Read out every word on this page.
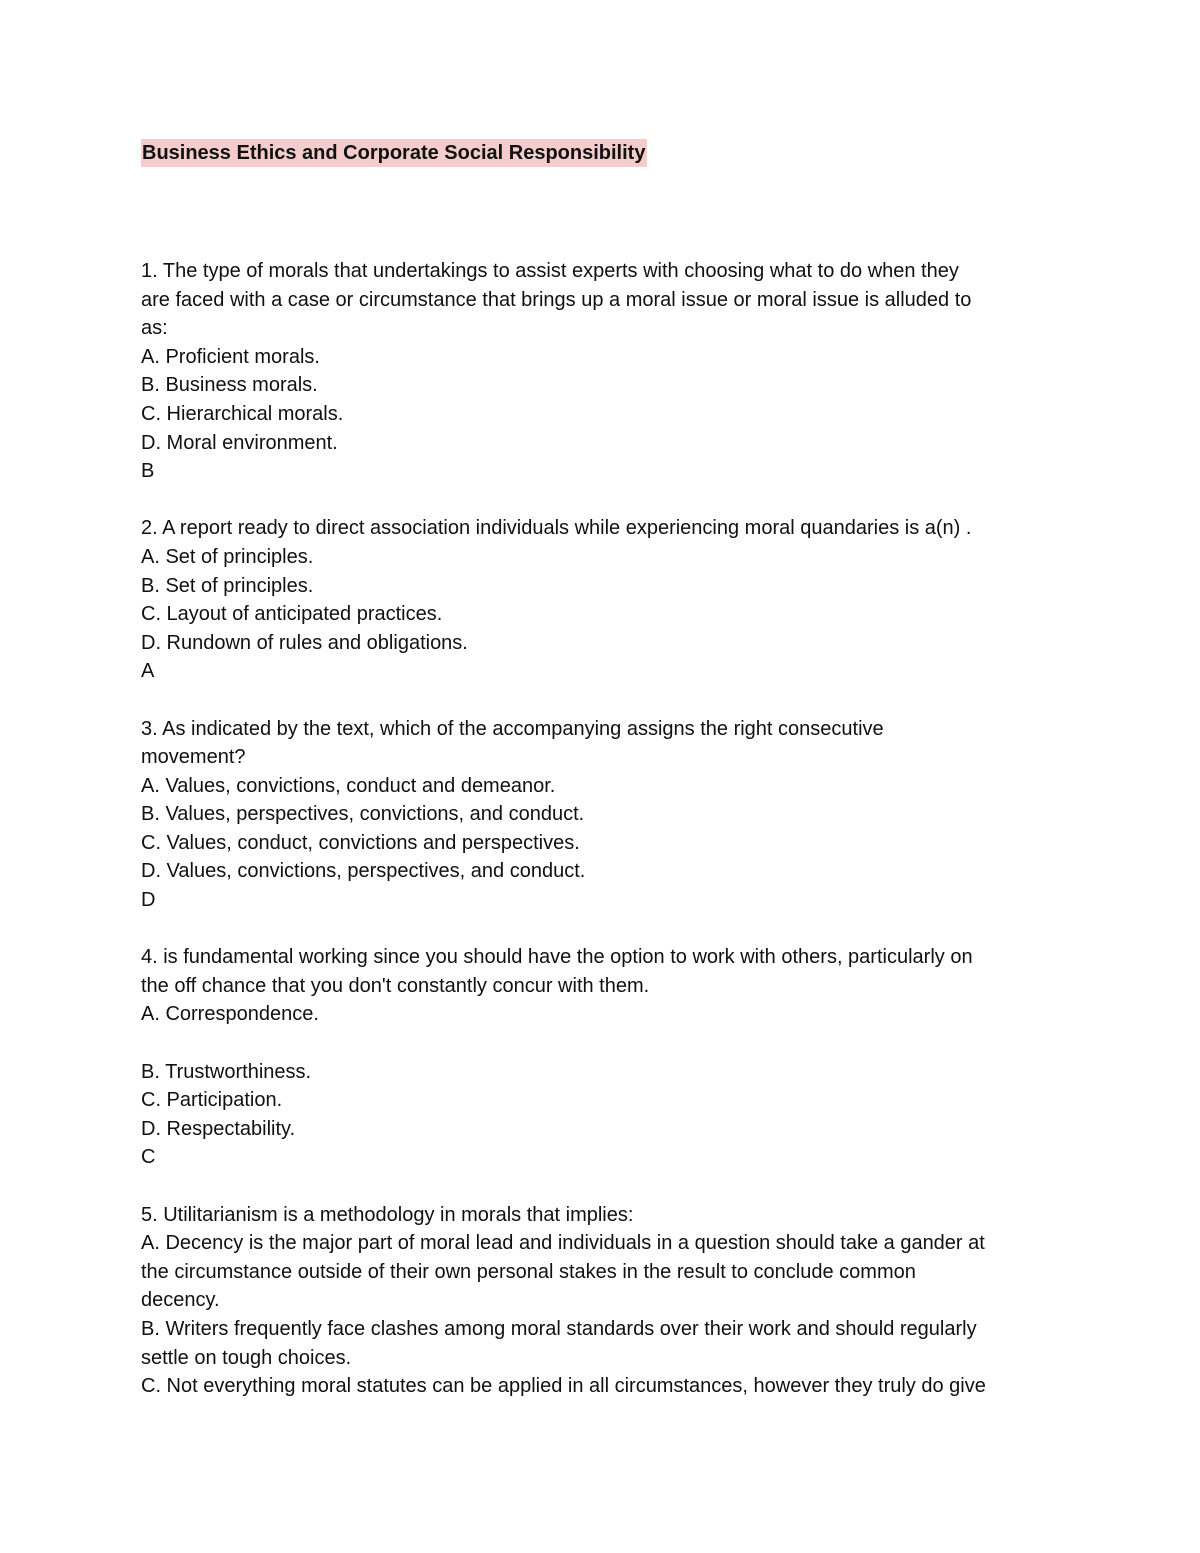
Business Ethics and Corporate Social Responsibility
1. The type of morals that undertakings to assist experts with choosing what to do when they
are faced with a case or circumstance that brings up a moral issue or moral issue is alluded to
as:
A. Proficient morals.
B. Business morals.
C. Hierarchical morals.
D. Moral environment.
B
2. A report ready to direct association individuals while experiencing moral quandaries is a(n) .
A. Set of principles.
B. Set of principles.
C. Layout of anticipated practices.
D. Rundown of rules and obligations.
A
3. As indicated by the text, which of the accompanying assigns the right consecutive
movement?
A. Values, convictions, conduct and demeanor.
B. Values, perspectives, convictions, and conduct.
C. Values, conduct, convictions and perspectives.
D. Values, convictions, perspectives, and conduct.
D
4. is fundamental working since you should have the option to work with others, particularly on
the off chance that you don't constantly concur with them.
A. Correspondence.
B. Trustworthiness.
C. Participation.
D. Respectability.
C
5. Utilitarianism is a methodology in morals that implies:
A. Decency is the major part of moral lead and individuals in a question should take a gander at
the circumstance outside of their own personal stakes in the result to conclude common
decency.
B. Writers frequently face clashes among moral standards over their work and should regularly
settle on tough choices.
C. Not everything moral statutes can be applied in all circumstances, however they truly do give
